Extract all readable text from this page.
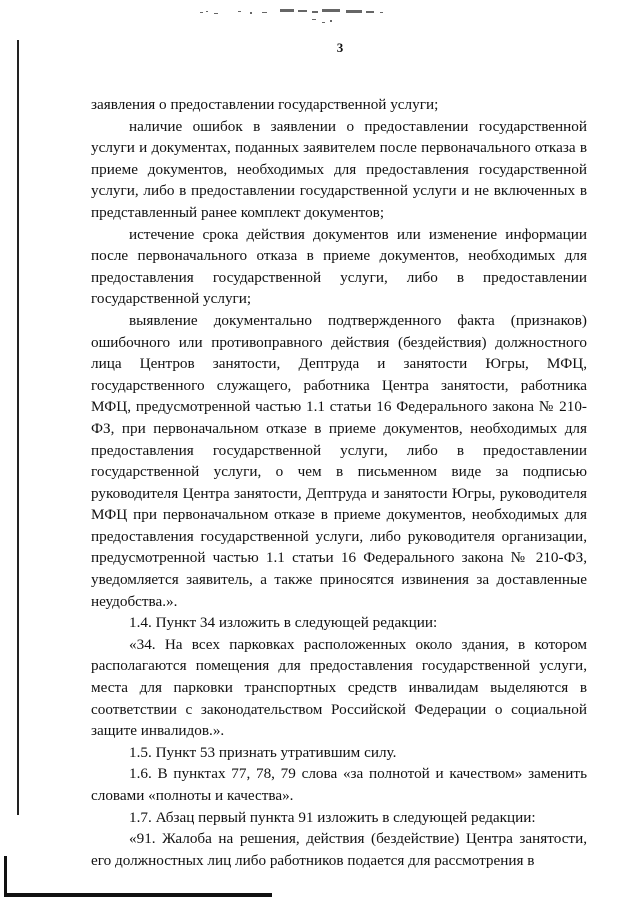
3

заявления о предоставлении государственной услуги;

наличие ошибок в заявлении о предоставлении государственной услуги и документах, поданных заявителем после первоначального отказа в приеме документов, необходимых для предоставления государственной услуги, либо в предоставлении государственной услуги и не включенных в представленный ранее комплект документов;

истечение срока действия документов или изменение информации после первоначального отказа в приеме документов, необходимых для предоставления государственной услуги, либо в предоставлении государственной услуги;

выявление документально подтвержденного факта (признаков) ошибочного или противоправного действия (бездействия) должностного лица Центров занятости, Дептруда и занятости Югры, МФЦ, государственного служащего, работника Центра занятости, работника МФЦ, предусмотренной частью 1.1 статьи 16 Федерального закона № 210-ФЗ, при первоначальном отказе в приеме документов, необходимых для предоставления государственной услуги, либо в предоставлении государственной услуги, о чем в письменном виде за подписью руководителя Центра занятости, Дептруда и занятости Югры, руководителя МФЦ при первоначальном отказе в приеме документов, необходимых для предоставления государственной услуги, либо руководителя организации, предусмотренной частью 1.1 статьи 16 Федерального закона № 210-ФЗ, уведомляется заявитель, а также приносятся извинения за доставленные неудобства.».

1.4. Пункт 34 изложить в следующей редакции:

«34. На всех парковках расположенных около здания, в котором располагаются помещения для предоставления государственной услуги, места для парковки транспортных средств инвалидам выделяются в соответствии с законодательством Российской Федерации о социальной защите инвалидов.».

1.5. Пункт 53 признать утратившим силу.

1.6. В пунктах 77, 78, 79 слова «за полнотой и качеством» заменить словами «полноты и качества».

1.7. Абзац первый пункта 91 изложить в следующей редакции:

«91. Жалоба на решения, действия (бездействие) Центра занятости, его должностных лиц либо работников подается для рассмотрения в
